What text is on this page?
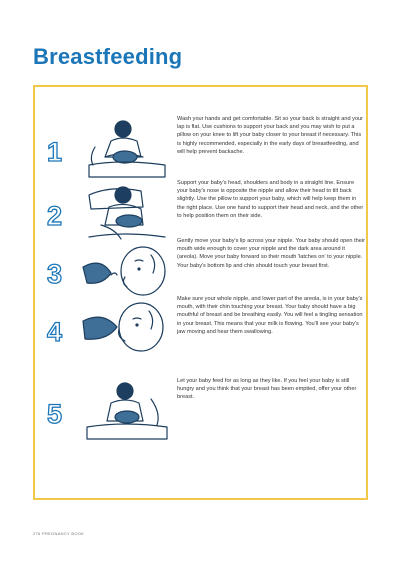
Breastfeeding
1

Wash your hands and get comfortable. Sit so your back is straight and your lap is flat. Use cushions to support your back and you may wish to put a pillow on your knee to lift your baby closer to your breast if necessary. This is highly recommended, especially in the early days of breastfeeding, and will help prevent backache.

2

Support your baby's head, shoulders and body in a straight line. Ensure your baby's nose is opposite the nipple and allow their head to tilt back slightly. Use the pillow to support your baby, which will help keep them in the right place. Use one hand to support their head and neck, and the other to help position them on their side.

3

Gently move your baby's lip across your nipple. Your baby should open their mouth wide enough to cover your nipple and the dark area around it (areola). Move your baby forward so their mouth 'latches on' to your nipple. Your baby's bottom lip and chin should touch your breast first.

4

Make sure your whole nipple, and lower part of the areola, is in your baby's mouth, with their chin touching your breast. Your baby should have a big mouthful of breast and be breathing easily. You will feel a tingling sensation in your breast. This means that your milk is flowing. You'll see your baby's jaw moving and hear them swallowing.

5

Let your baby feed for as long as they like. If you feel your baby is still hungry and you think that your breast has been emptied, offer your other breast.

276 PREGNANCY BOOK
